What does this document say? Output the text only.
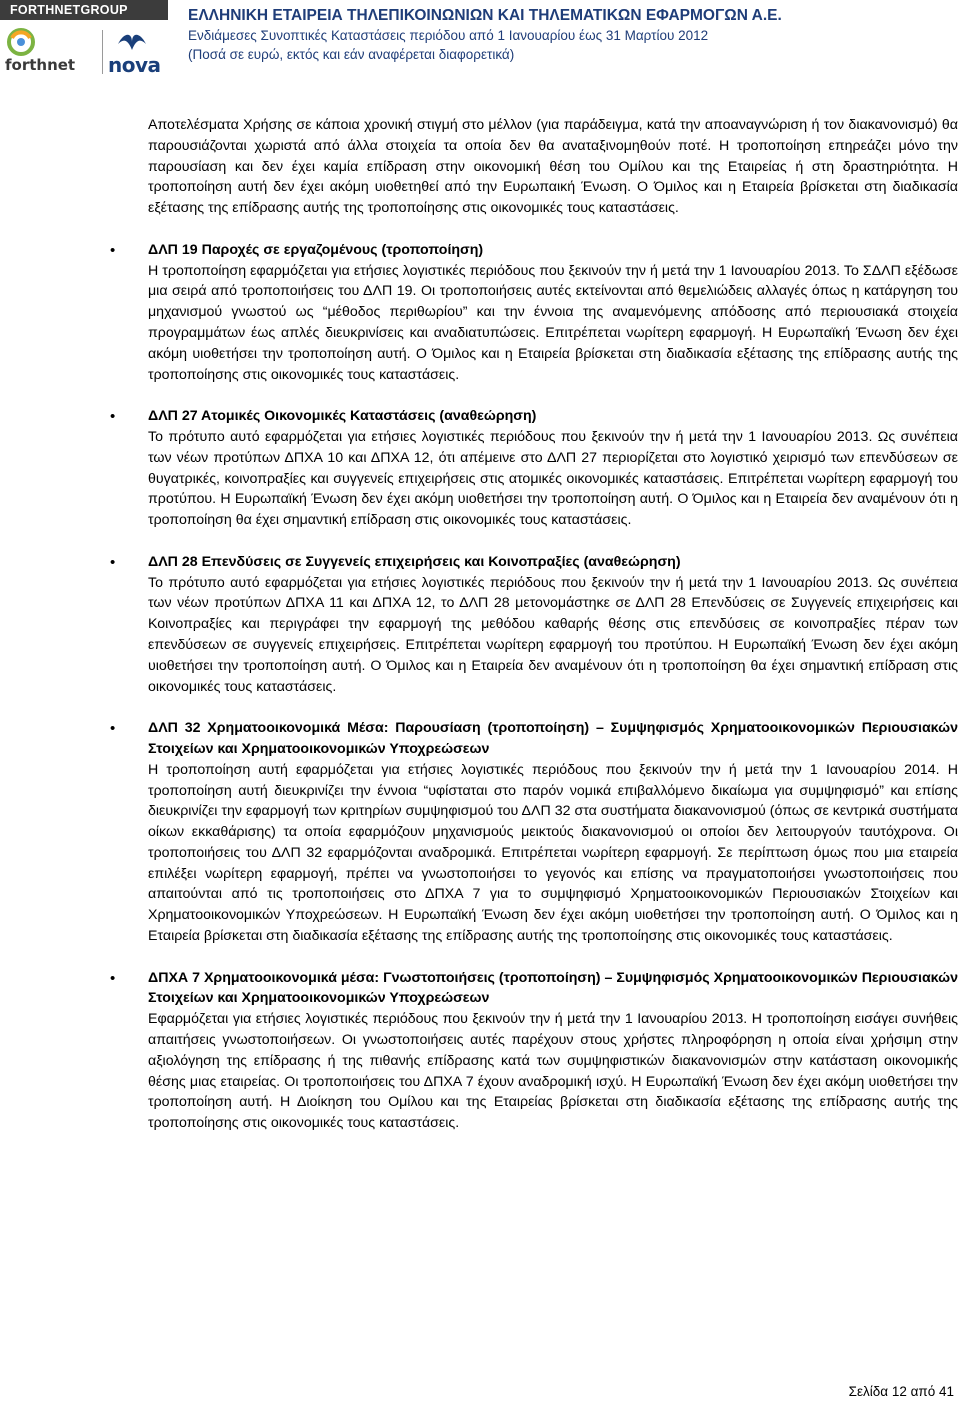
FORTHNETGROUP
forthnet nova
ΕΛΛΗΝΙΚΗ ΕΤΑΙΡΕΙΑ ΤΗΛΕΠΙΚΟΙΝΩΝΙΩΝ ΚΑΙ ΤΗΛΕΜΑΤΙΚΩΝ ΕΦΑΡΜΟΓΩΝ Α.Ε.
Ενδιάμεσες Συνοπτικές Καταστάσεις περιόδου από 1 Ιανουαρίου έως 31 Μαρτίου 2012
(Ποσά σε ευρώ, εκτός και εάν αναφέρεται διαφορετικά)

Αποτελέσματα Χρήσης σε κάποια χρονική στιγμή στο μέλλον (για παράδειγμα, κατά την αποαναγνώριση ή τον διακανονισμό) θα παρουσιάζονται χωριστά από άλλα στοιχεία τα οποία δεν θα αναταξινομηθούν ποτέ. Η τροποποίηση επηρεάζει μόνο την παρουσίαση και δεν έχει καμία επίδραση στην οικονομική θέση του Ομίλου και της Εταιρείας ή στη δραστηριότητα. Η τροποποίηση αυτή δεν έχει ακόμη υιοθετηθεί από την Ευρωπαική Ένωση. Ο Όμιλος και η Εταιρεία βρίσκεται στη διαδικασία εξέτασης της επίδρασης αυτής της τροποποίησης στις οικονομικές τους καταστάσεις.

• ΔΛΠ 19 Παροχές σε εργαζομένους (τροποποίηση)

Η τροποποίηση εφαρμόζεται για ετήσιες λογιστικές περιόδους που ξεκινούν την ή μετά την 1 Ιανουαρίου 2013. Το ΣΔΛΠ εξέδωσε μια σειρά από τροποποιήσεις του ΔΛΠ 19. Οι τροποποιήσεις αυτές εκτείνονται από θεμελιώδεις αλλαγές όπως η κατάργηση του μηχανισμού γνωστού ως “μέθοδος περιθωρίου” και την έννοια της αναμενόμενης απόδοσης από περιουσιακά στοιχεία προγραμμάτων έως απλές διευκρινίσεις και αναδιατυπώσεις. Επιτρέπεται νωρίτερη εφαρμογή. Η Ευρωπαϊκή Ένωση δεν έχει ακόμη υιοθετήσει την τροποποίηση αυτή. Ο Όμιλος και η Εταιρεία βρίσκεται στη διαδικασία εξέτασης της επίδρασης αυτής της τροποποίησης στις οικονομικές τους καταστάσεις.

• ΔΛΠ 27 Ατομικές Οικονομικές Καταστάσεις (αναθεώρηση)

Το πρότυπο αυτό εφαρμόζεται για ετήσιες λογιστικές περιόδους που ξεκινούν την ή μετά την 1 Ιανουαρίου 2013. Ως συνέπεια των νέων προτύπων ΔΠΧΑ 10 και ΔΠΧΑ 12, ότι απέμεινε στο ΔΛΠ 27 περιορίζεται στο λογιστικό χειρισμό των επενδύσεων σε θυγατρικές, κοινοπραξίες και συγγενείς επιχειρήσεις στις ατομικές οικονομικές καταστάσεις. Επιτρέπεται νωρίτερη εφαρμογή του προτύπου. Η Ευρωπαϊκή Ένωση δεν έχει ακόμη υιοθετήσει την τροποποίηση αυτή. Ο Όμιλος και η Εταιρεία δεν αναμένουν ότι η τροποποίηση θα έχει σημαντική επίδραση στις οικονομικές τους καταστάσεις.

• ΔΛΠ 28 Επενδύσεις σε Συγγενείς επιχειρήσεις και Κοινοπραξίες (αναθεώρηση)

Το πρότυπο αυτό εφαρμόζεται για ετήσιες λογιστικές περιόδους που ξεκινούν την ή μετά την 1 Ιανουαρίου 2013. Ως συνέπεια των νέων προτύπων ΔΠΧΑ 11 και ΔΠΧΑ 12, το ΔΛΠ 28 μετονομάστηκε σε ΔΛΠ 28 Επενδύσεις σε Συγγενείς επιχειρήσεις και Κοινοπραξίες και περιγράφει την εφαρμογή της μεθόδου καθαρής θέσης στις επενδύσεις σε κοινοπραξίες πέραν των επενδύσεων σε συγγενείς επιχειρήσεις. Επιτρέπεται νωρίτερη εφαρμογή του προτύπου. Η Ευρωπαϊκή Ένωση δεν έχει ακόμη υιοθετήσει την τροποποίηση αυτή. Ο Όμιλος και η Εταιρεία δεν αναμένουν ότι η τροποποίηση θα έχει σημαντική επίδραση στις οικονομικές τους καταστάσεις.

• ΔΛΠ 32 Χρηματοοικονομικά Μέσα: Παρουσίαση (τροποποίηση) – Συμψηφισμός Χρηματοοικονομικών Περιουσιακών Στοιχείων και Χρηματοοικονομικών Υποχρεώσεων

Η τροποποίηση αυτή εφαρμόζεται για ετήσιες λογιστικές περιόδους που ξεκινούν την ή μετά την 1 Ιανουαρίου 2014. Η τροποποίηση αυτή διευκρινίζει την έννοια “υφίσταται στο παρόν νομικά επιβαλλόμενο δικαίωμα για συμψηφισμό” και επίσης διευκρινίζει την εφαρμογή των κριτηρίων συμψηφισμού του ΔΛΠ 32 στα συστήματα διακανονισμού (όπως σε κεντρικά συστήματα οίκων εκκαθάρισης) τα οποία εφαρμόζουν μηχανισμούς μεικτούς διακανονισμού οι οποίοι δεν λειτουργούν ταυτόχρονα. Οι τροποποιήσεις του ΔΛΠ 32 εφαρμόζονται αναδρομικά. Επιτρέπεται νωρίτερη εφαρμογή. Σε περίπτωση όμως που μια εταιρεία επιλέξει νωρίτερη εφαρμογή, πρέπει να γνωστοποιήσει το γεγονός και επίσης να πραγματοποιήσει γνωστοποιήσεις που απαιτούνται από τις τροποποιήσεις στο ΔΠΧΑ 7 για το συμψηφισμό Χρηματοοικονομικών Περιουσιακών Στοιχείων και Χρηματοοικονομικών Υποχρεώσεων. Η Ευρωπαϊκή Ένωση δεν έχει ακόμη υιοθετήσει την τροποποίηση αυτή. Ο Όμιλος και η Εταιρεία βρίσκεται στη διαδικασία εξέτασης της επίδρασης αυτής της τροποποίησης στις οικονομικές τους καταστάσεις.

• ΔΠΧΑ 7 Χρηματοοικονομικά μέσα: Γνωστοποιήσεις (τροποποίηση) – Συμψηφισμός Χρηματοοικονομικών Περιουσιακών Στοιχείων και Χρηματοοικονομικών Υποχρεώσεων

Εφαρμόζεται για ετήσιες λογιστικές περιόδους που ξεκινούν την ή μετά την 1 Ιανουαρίου 2013. Η τροποποίηση εισάγει συνήθεις απαιτήσεις γνωστοποιήσεων. Οι γνωστοποιήσεις αυτές παρέχουν στους χρήστες πληροφόρηση η οποία είναι χρήσιμη στην αξιολόγηση της επίδρασης ή της πιθανής επίδρασης κατά των συμψηφιστικών διακανονισμών στην κατάσταση οικονομικής θέσης μιας εταιρείας. Οι τροποποιήσεις του ΔΠΧΑ 7 έχουν αναδρομική ισχύ. Η Ευρωπαϊκή Ένωση δεν έχει ακόμη υιοθετήσει την τροποποίηση αυτή. Η Διοίκηση του Ομίλου και της Εταιρείας βρίσκεται στη διαδικασία εξέτασης της επίδρασης αυτής της τροποποίησης στις οικονομικές τους καταστάσεις.

Σελίδα 12 από 41
